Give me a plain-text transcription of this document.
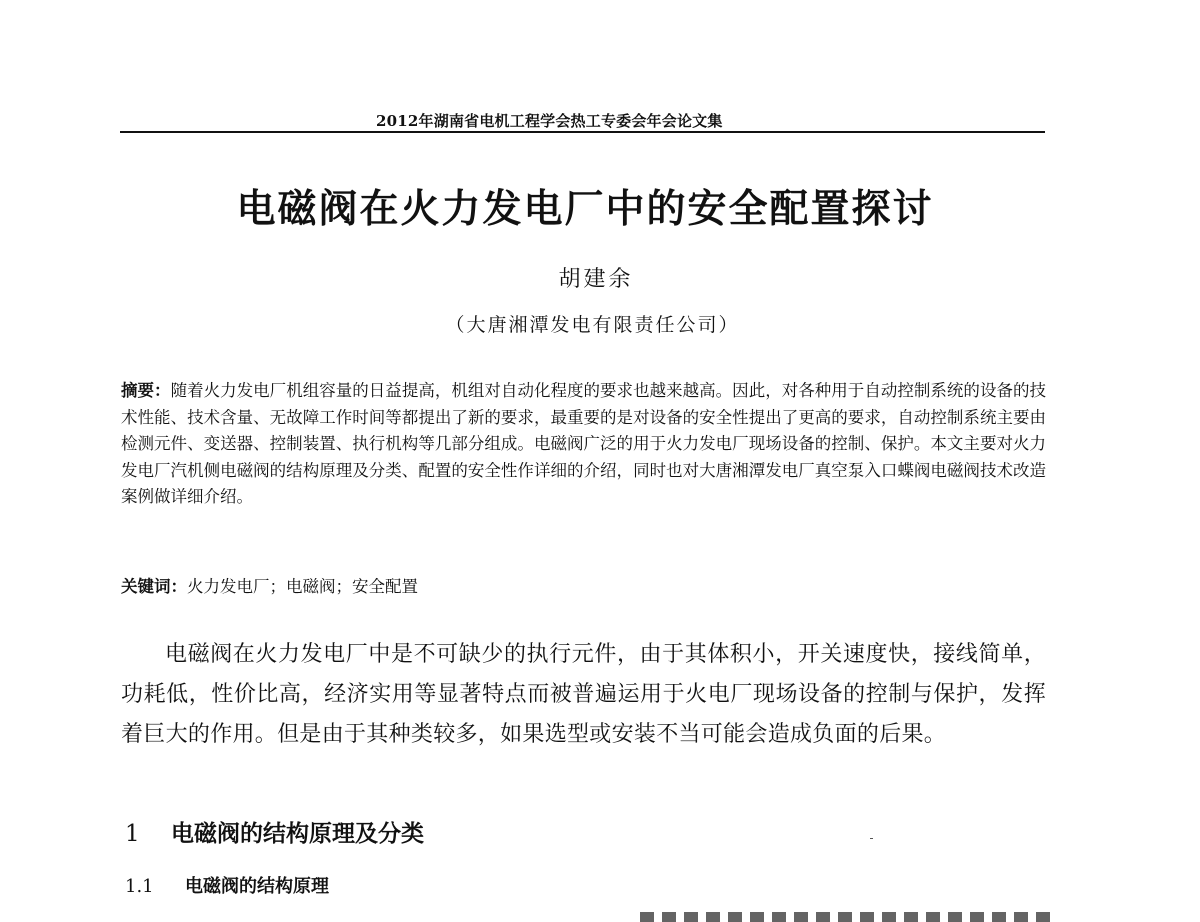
2012年湖南省电机工程学会热工专委会年会论文集
电磁阀在火力发电厂中的安全配置探讨
胡建余
（大唐湘潭发电有限责任公司）
摘要：随着火力发电厂机组容量的日益提高，机组对自动化程度的要求也越来越高。因此，对各种用于自动控制系统的设备的技术性能、技术含量、无故障工作时间等都提出了新的要求，最重要的是对设备的安全性提出了更高的要求，自动控制系统主要由检测元件、变送器、控制装置、执行机构等几部分组成。电磁阀广泛的用于火力发电厂现场设备的控制、保护。本文主要对火力发电厂汽机侧电磁阀的结构原理及分类、配置的安全性作详细的介绍，同时也对大唐湘潭发电厂真空泵入口蝶阀电磁阀技术改造案例做详细介绍。
关键词：火力发电厂；电磁阀；安全配置
电磁阀在火力发电厂中是不可缺少的执行元件，由于其体积小，开关速度快，接线简单，功耗低，性价比高，经济实用等显著特点而被普遍运用于火电厂现场设备的控制与保护，发挥着巨大的作用。但是由于其种类较多，如果选型或安装不当可能会造成负面的后果。
1 电磁阀的结构原理及分类
1.1 电磁阀的结构原理
